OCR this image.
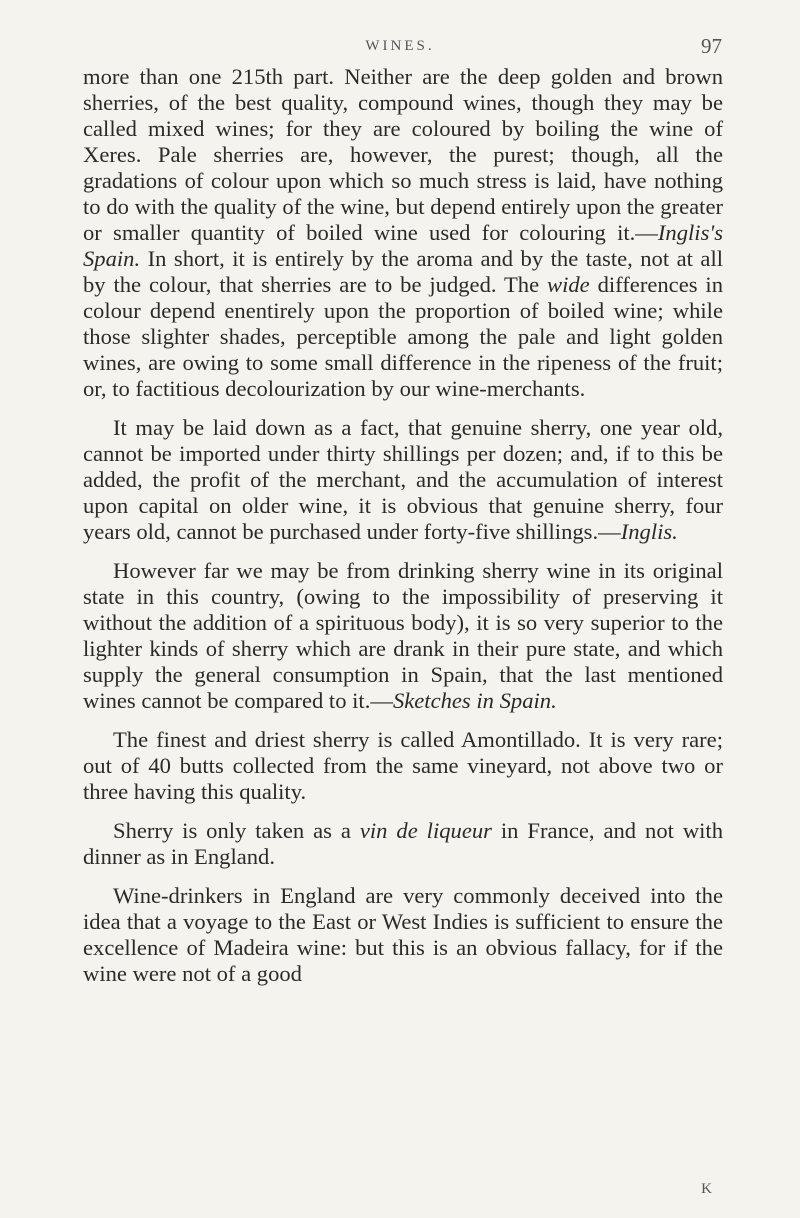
WINES.	97

more than one 215th part. Neither are the deep golden and brown sherries, of the best quality, compound wines, though they may be called mixed wines; for they are coloured by boiling the wine of Xeres. Pale sherries are, however, the purest; though, all the gradations of colour upon which so much stress is laid, have nothing to do with the quality of the wine, but depend entirely upon the greater or smaller quantity of boiled wine used for colouring it.—Inglis's Spain. In short, it is entirely by the aroma and by the taste, not at all by the colour, that sherries are to be judged. The wide differences in colour depend enentirely upon the proportion of boiled wine; while those slighter shades, perceptible among the pale and light golden wines, are owing to some small difference in the ripeness of the fruit; or, to factitious decolourization by our wine-merchants.

It may be laid down as a fact, that genuine sherry, one year old, cannot be imported under thirty shillings per dozen; and, if to this be added, the profit of the merchant, and the accumulation of interest upon capital on older wine, it is obvious that genuine sherry, four years old, cannot be purchased under forty-five shillings.—Inglis.

However far we may be from drinking sherry wine in its original state in this country, (owing to the impossibility of preserving it without the addition of a spirituous body), it is so very superior to the lighter kinds of sherry which are drank in their pure state, and which supply the general consumption in Spain, that the last mentioned wines cannot be compared to it.—Sketches in Spain.

The finest and driest sherry is called Amontillado. It is very rare; out of 40 butts collected from the same vineyard, not above two or three having this quality.

Sherry is only taken as a vin de liqueur in France, and not with dinner as in England.

Wine-drinkers in England are very commonly deceived into the idea that a voyage to the East or West Indies is sufficient to ensure the excellence of Madeira wine: but this is an obvious fallacy, for if the wine were not of a good

K
